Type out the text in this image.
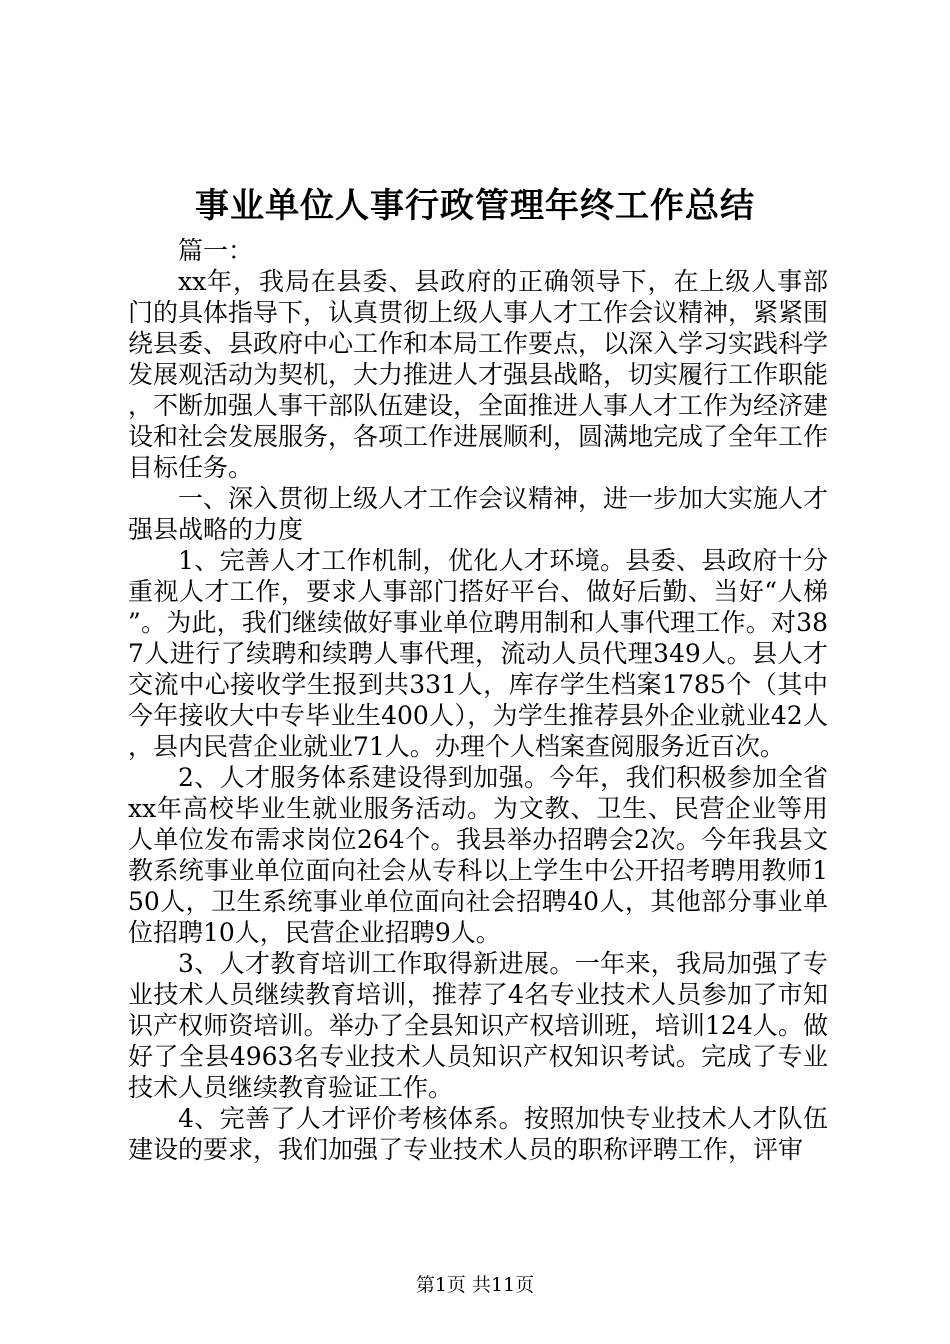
事业单位人事行政管理年终工作总结

篇一：

xx年，我局在县委、县政府的正确领导下，在上级人事部门的具体指导下，认真贯彻上级人事人才工作会议精神，紧紧围绕县委、县政府中心工作和本局工作要点，以深入学习实践科学发展观活动为契机，大力推进人才强县战略，切实履行工作职能，不断加强人事干部队伍建设，全面推进人事人才工作为经济建设和社会发展服务，各项工作进展顺利，圆满地完成了全年工作目标任务。

一、深入贯彻上级人才工作会议精神，进一步加大实施人才强县战略的力度

1、完善人才工作机制，优化人才环境。县委、县政府十分重视人才工作，要求人事部门搭好平台、做好后勤、当好“人梯”。为此，我们继续做好事业单位聘用制和人事代理工作。对387人进行了续聘和续聘人事代理，流动人员代理349人。县人才交流中心接收学生报到共331人，库存学生档案1785个（其中今年接收大中专毕业生400人），为学生推荐县外企业就业42人，县内民营企业就业71人。办理个人档案查阅服务近百次。

2、人才服务体系建设得到加强。今年，我们积极参加全省xx年高校毕业生就业服务活动。为文教、卫生、民营企业等用人单位发布需求岗位264个。我县举办招聘会2次。今年我县文教系统事业单位面向社会从专科以上学生中公开招考聘用教师150人，卫生系统事业单位面向社会招聘40人，其他部分事业单位招聘10人，民营企业招聘9人。

3、人才教育培训工作取得新进展。一年来，我局加强了专业技术人员继续教育培训，推荐了4名专业技术人员参加了市知识产权师资培训。举办了全县知识产权培训班，培训124人。做好了全县4963名专业技术人员知识产权知识考试。完成了专业技术人员继续教育验证工作。

4、完善了人才评价考核体系。按照加快专业技术人才队伍建设的要求，我们加强了专业技术人员的职称评聘工作，评审

第1页 共11页
